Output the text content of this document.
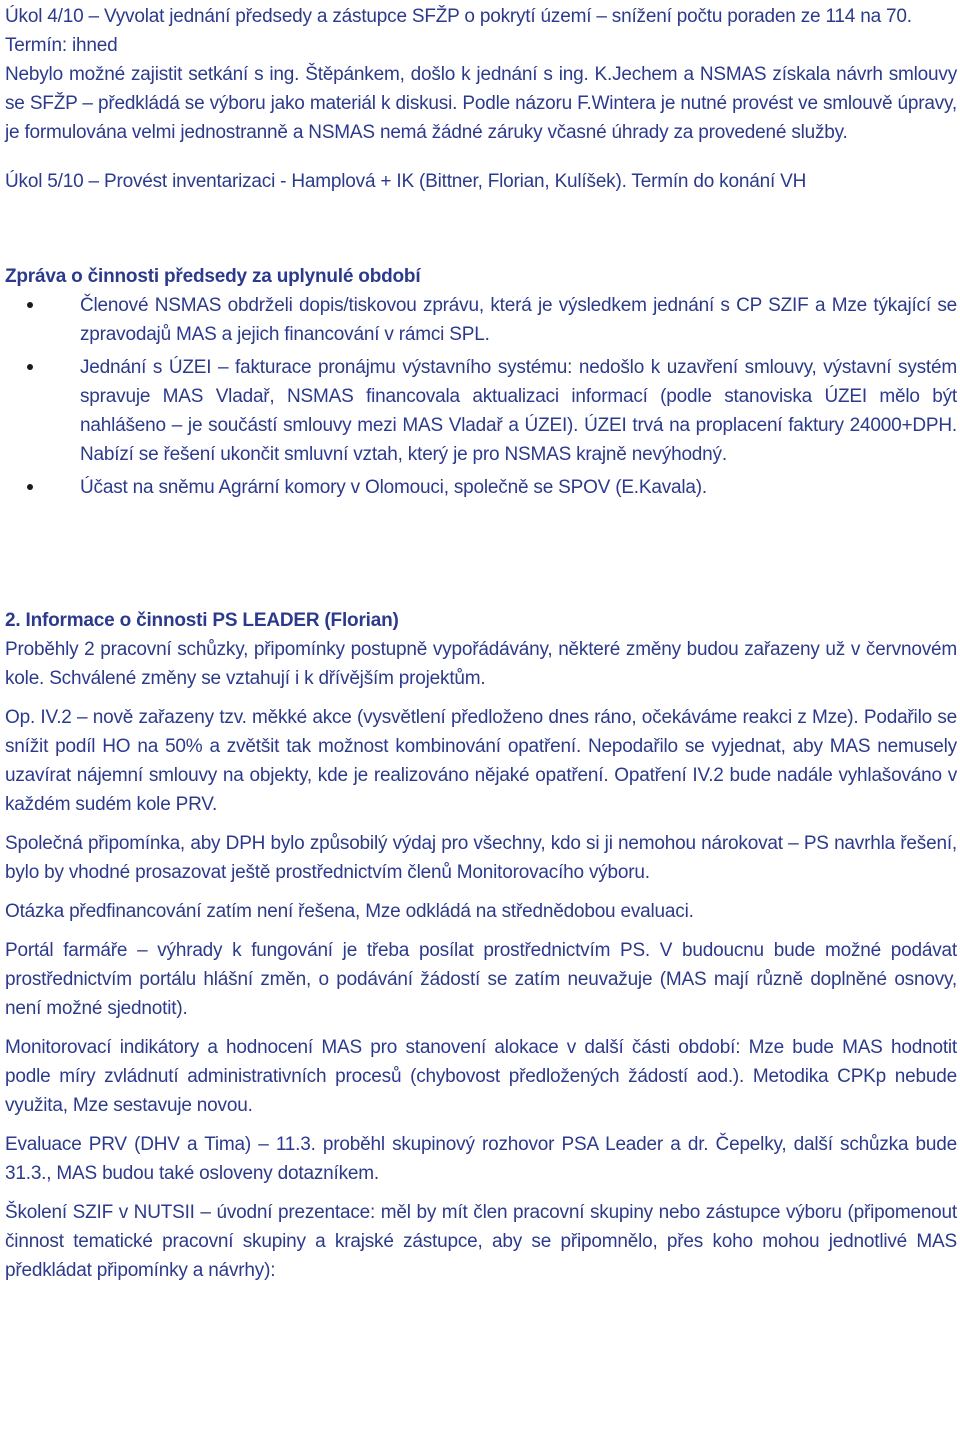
Úkol 4/10 – Vyvolat jednání předsedy a zástupce SFŽP o pokrytí území – snížení počtu poraden ze 114 na 70.

Termín: ihned

Nebylo možné zajistit setkání s ing. Štěpánkem, došlo k jednání s ing. K.Jechem a NSMAS získala návrh smlouvy se SFŽP – předkládá se výboru jako materiál k diskusi. Podle názoru F.Wintera je nutné provést ve smlouvě úpravy, je formulována velmi jednostranně a NSMAS nemá žádné záruky včasné úhrady za provedené služby.

Úkol 5/10 – Provést inventarizaci - Hamplová + IK (Bittner, Florian, Kulíšek). Termín do konání VH

Zpráva o činnosti předsedy za uplynulé období

Členové NSMAS obdrželi dopis/tiskovou zprávu, která je výsledkem jednání s CP SZIF a Mze týkající se zpravodajů MAS a jejich financování v rámci SPL.
Jednání s ÚZEI – fakturace pronájmu výstavního systému: nedošlo k uzavření smlouvy, výstavní systém spravuje MAS Vladař, NSMAS financovala aktualizaci informací (podle stanoviska ÚZEI mělo být nahlášeno – je součástí smlouvy mezi MAS Vladař a ÚZEI). ÚZEI trvá na proplacení faktury 24000+DPH. Nabízí se řešení ukončit smluvní vztah, který je pro NSMAS krajně nevýhodný.
Účast na sněmu Agrární komory v Olomouci, společně se SPOV (E.Kavala).

2. Informace o činnosti PS LEADER (Florian)

Proběhly 2 pracovní schůzky, připomínky postupně vypořádávány, některé změny budou zařazeny už v červnovém kole. Schválené změny se vztahují i k dřívějším projektům.

Op. IV.2 – nově zařazeny tzv. měkké akce (vysvětlení předloženo dnes ráno, očekáváme reakci z Mze). Podařilo se snížit podíl HO na 50% a zvětšit tak možnost kombinování opatření. Nepodařilo se vyjednat, aby MAS nemusely uzavírat nájemní smlouvy na objekty, kde je realizováno nějaké opatření. Opatření IV.2 bude nadále vyhlašováno v každém sudém kole PRV.

Společná připomínka, aby DPH bylo způsobilý výdaj pro všechny, kdo si ji nemohou nárokovat – PS navrhla řešení, bylo by vhodné prosazovat ještě prostřednictvím členů Monitorovacího výboru.

Otázka předfinancování zatím není řešena, Mze odkládá na střednědobou evaluaci.

Portál farmáře – výhrady k fungování je třeba posílat prostřednictvím PS. V budoucnu bude možné podávat prostřednictvím portálu hlášní změn, o podávání žádostí se zatím neuvažuje (MAS mají různě doplněné osnovy, není možné sjednotit).

Monitorovací indikátory a hodnocení MAS pro stanovení alokace v další části období: Mze bude MAS hodnotit podle míry zvládnutí administrativních procesů (chybovost předložených žádostí aod.). Metodika CPKp nebude využita, Mze sestavuje novou.

Evaluace PRV (DHV a Tima) – 11.3. proběhl skupinový rozhovor PSA Leader a dr. Čepelky, další schůzka bude 31.3., MAS budou také osloveny dotazníkem.

Školení SZIF v NUTSII – úvodní prezentace: měl by mít člen pracovní skupiny nebo zástupce výboru (připomenout činnost tematické pracovní skupiny a krajské zástupce, aby se připomnělo, přes koho mohou jednotlivé MAS předkládat připomínky a návrhy):
